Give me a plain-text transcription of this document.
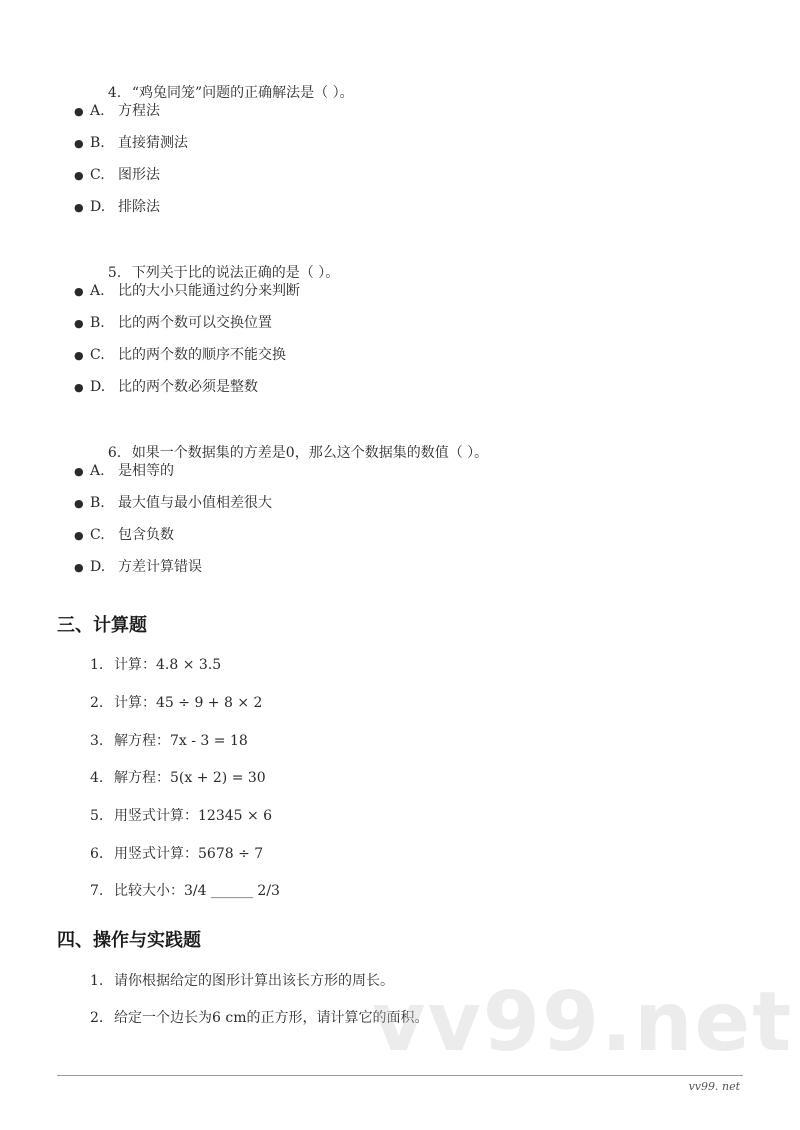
4. “鸡兔同笼”问题的正确解法是（ ）。

● A. 方程法
● B. 直接猜测法
● C. 图形法
● D. 排除法

5. 下列关于比的说法正确的是（ ）。

● A. 比的大小只能通过约分来判断
● B. 比的两个数可以交换位置
● C. 比的两个数的顺序不能交换
● D. 比的两个数必须是整数

6. 如果一个数据集的方差是0，那么这个数据集的数值（ ）。

● A. 是相等的
● B. 最大值与最小值相差很大
● C. 包含负数
● D. 方差计算错误
三、计算题
1. 计算：4.8 × 3.5
2. 计算：45 ÷ 9 + 8 × 2
3. 解方程：7x - 3 = 18
4. 解方程：5(x + 2) = 30
5. 用竖式计算：12345 × 6
6. 用竖式计算：5678 ÷ 7
7. 比较大小：3/4 ______ 2/3
四、操作与实践题
1. 请你根据给定的图形计算出该长方形的周长。
2. 给定一个边长为6 cm的正方形，请计算它的面积。
vv99.net
vv99. net
